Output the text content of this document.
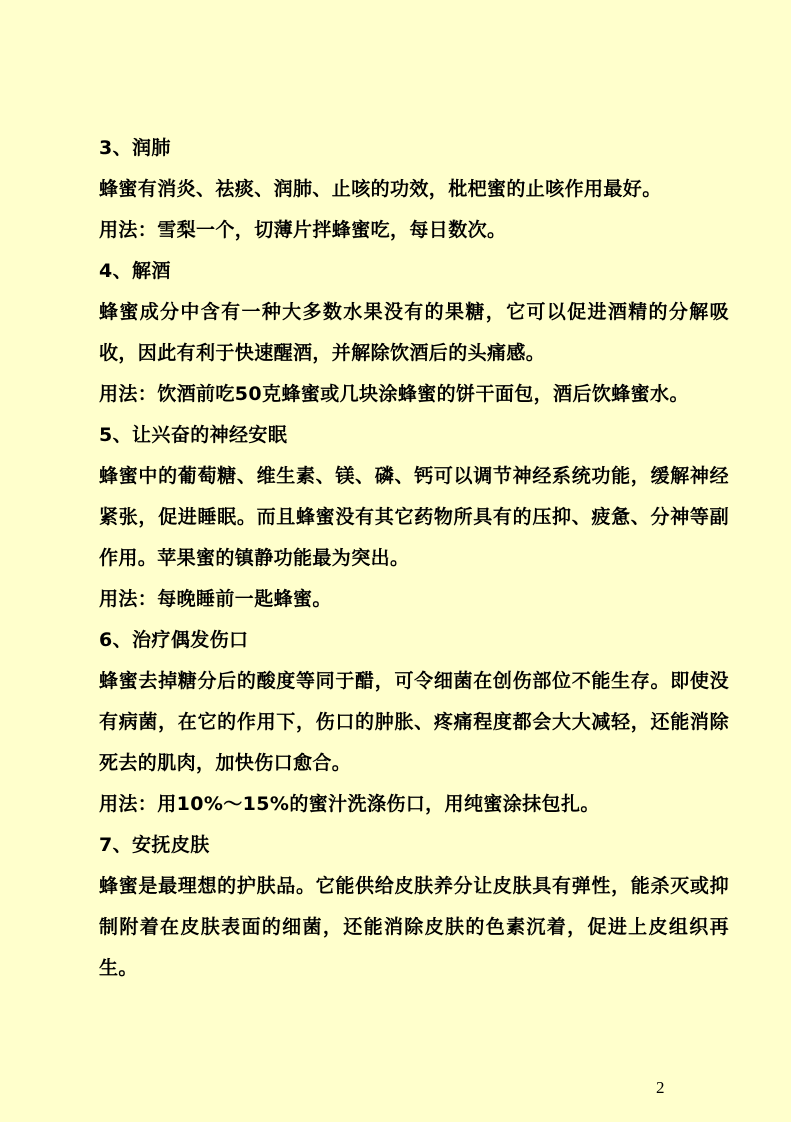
3、润肺
蜂蜜有消炎、祛痰、润肺、止咳的功效，枇杷蜜的止咳作用最好。
用法：雪梨一个，切薄片拌蜂蜜吃，每日数次。
4、解酒
蜂蜜成分中含有一种大多数水果没有的果糖，它可以促进酒精的分解吸收，因此有利于快速醒酒，并解除饮酒后的头痛感。
用法：饮酒前吃50克蜂蜜或几块涂蜂蜜的饼干面包，酒后饮蜂蜜水。
5、让兴奋的神经安眠
蜂蜜中的葡萄糖、维生素、镁、磷、钙可以调节神经系统功能，缓解神经紧张，促进睡眠。而且蜂蜜没有其它药物所具有的压抑、疲惫、分神等副作用。苹果蜜的镇静功能最为突出。
用法：每晚睡前一匙蜂蜜。
6、治疗偶发伤口
蜂蜜去掉糖分后的酸度等同于醋，可令细菌在创伤部位不能生存。即使没有病菌，在它的作用下，伤口的肿胀、疼痛程度都会大大减轻，还能消除死去的肌肉，加快伤口愈合。
用法：用10%～15%的蜜汁洗涤伤口，用纯蜜涂抹包扎。
7、安抚皮肤
蜂蜜是最理想的护肤品。它能供给皮肤养分让皮肤具有弹性，能杀灭或抑制附着在皮肤表面的细菌，还能消除皮肤的色素沉着，促进上皮组织再生。
2
